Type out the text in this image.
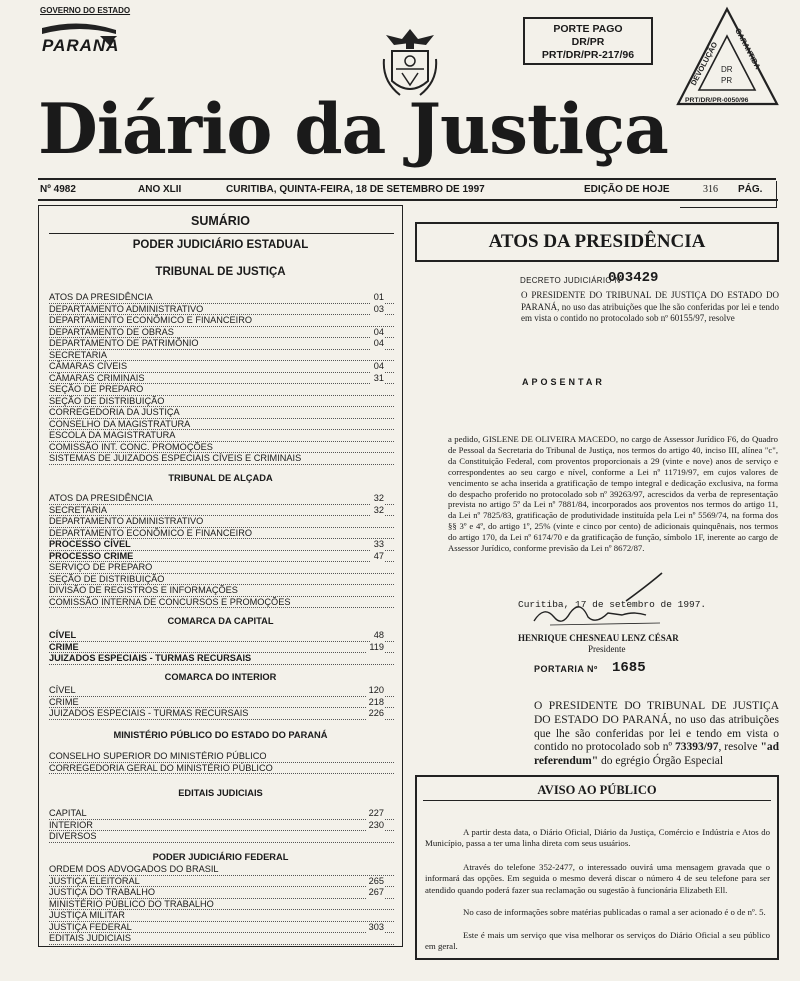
GOVERNO DO ESTADO
PARANÁ
PORTE PAGO
DR/PR
PRT/DR/PR-217/96	DEVOLUÇÃO GARANTIDA
DR
PR
PRT/DR/PR-0050/96
Diário da Justiça
Nº 4982	ANO XLII	CURITIBA, QUINTA-FEIRA, 18 DE SETEMBRO DE 1997	EDIÇÃO DE HOJE	316 PÁG.
SUMÁRIO
PODER JUDICIÁRIO ESTADUAL
TRIBUNAL DE JUSTIÇA
ATOS DA PRESIDÊNCIA	01
DEPARTAMENTO ADMINISTRATIVO	03
DEPARTAMENTO ECONÔMICO E FINANCEIRO
DEPARTAMENTO DE OBRAS	04
DEPARTAMENTO DE PATRIMÔNIO	04
SECRETARIA
CÂMARAS CÍVEIS	04
CÂMARAS CRIMINAIS	31
SEÇÃO DE PREPARO
SEÇÃO DE DISTRIBUIÇÃO
CORREGEDORIA DA JUSTIÇA
CONSELHO DA MAGISTRATURA
ESCOLA DA MAGISTRATURA
COMISSÃO INT. CONC. PROMOÇÕES
SISTEMAS DE JUIZADOS ESPECIAIS CÍVEIS E CRIMINAIS
TRIBUNAL DE ALÇADA
ATOS DA PRESIDÊNCIA	32
SECRETARIA	32
DEPARTAMENTO ADMINISTRATIVO
DEPARTAMENTO ECONÔMICO E FINANCEIRO
PROCESSO CÍVEL	33
PROCESSO CRIME	47
SERVIÇO DE PREPARO
SEÇÃO DE DISTRIBUIÇÃO
DIVISÃO DE REGISTROS E INFORMAÇÕES
COMISSÃO INTERNA DE CONCURSOS E PROMOÇÕES
COMARCA DA CAPITAL
CÍVEL	48
CRIME	119
JUIZADOS ESPECIAIS - TURMAS RECURSAIS
COMARCA DO INTERIOR
CÍVEL	120
CRIME	218
JUIZADOS ESPECIAIS - TURMAS RECURSAIS	226
MINISTÉRIO PÚBLICO DO ESTADO DO PARANÁ
CONSELHO SUPERIOR DO MINISTÉRIO PÚBLICO
CORREGEDORIA GERAL DO MINISTÉRIO PÚBLICO
EDITAIS JUDICIAIS
CAPITAL	227
INTERIOR	230
DIVERSOS
PODER JUDICIÁRIO FEDERAL
ORDEM DOS ADVOGADOS DO BRASIL
JUSTIÇA ELEITORAL	265
JUSTIÇA DO TRABALHO	267
MINISTÉRIO PÚBLICO DO TRABALHO
JUSTIÇA MILITAR
JUSTIÇA FEDERAL	303
EDITAIS JUDICIAIS
ATOS DA PRESIDÊNCIA
DECRETO JUDICIÁRIO Nº
003429
O PRESIDENTE DO TRIBUNAL DE JUSTIÇA DO ESTADO DO PARANÁ, no uso das atribuições que lhe são conferidas por lei e tendo em vista o contido no protocolado sob nº 60155/97, resolve
APOSENTAR
a pedido, GISLENE DE OLIVEIRA MACEDO, no cargo de Assessor Jurídico F6, do Quadro de Pessoal da Secretaria do Tribunal de Justiça, nos termos do artigo 40, inciso III, alínea "c", da Constituição Federal, com proventos proporcionais a 29 (vinte e nove) anos de serviço e correspondentes ao seu cargo e nível, conforme a Lei nº 11719/97, em cujos valores de vencimento se acha inserida a gratificação de tempo integral e dedicação exclusiva, na forma do despacho proferido no protocolado sob nº 39263/97, acrescidos da verba de representação prevista no artigo 5º da Lei nº 7881/84, incorporados aos proventos nos termos do artigo 11, da Lei nº 7825/83, gratificação de produtividade instituída pela Lei nº 5569/74, na forma dos §§ 3º e 4º, do artigo 1º, 25% (vinte e cinco por cento) de adicionais quinquênais, nos termos do artigo 170, da Lei nº 6174/70 e da gratificação de função, símbolo 1F, inerente ao cargo de Assessor Jurídico, conforme previsão da Lei nº 8672/87.
Curitiba, 17 de setembro de 1997.
HENRIQUE CHESNEAU LENZ CÉSAR
Presidente
PORTARIA Nº 1685
O PRESIDENTE DO TRIBUNAL DE JUSTIÇA DO ESTADO DO PARANÁ, no uso das atribuições que lhe são conferidas por lei e tendo em vista o contido no protocolado sob nº 73393/97, resolve "ad referendum" do egrégio Órgão Especial
AVISO AO PÚBLICO
A partir desta data, o Diário Oficial, Diário da Justiça, Comércio e Indústria e Atos do Município, passa a ter uma linha direta com seus usuários.
Através do telefone 352-2477, o interessado ouvirá uma mensagem gravada que o informará das opções. Em seguida o mesmo deverá discar o número 4 de seu telefone para ser atendido quando poderá fazer sua reclamação ou sugestão à funcionária Elizabeth Ell.
No caso de informações sobre matérias publicadas o ramal a ser acionado é o de nº. 5.
Este é mais um serviço que visa melhorar os serviços do Diário Oficial a seu público em geral.
